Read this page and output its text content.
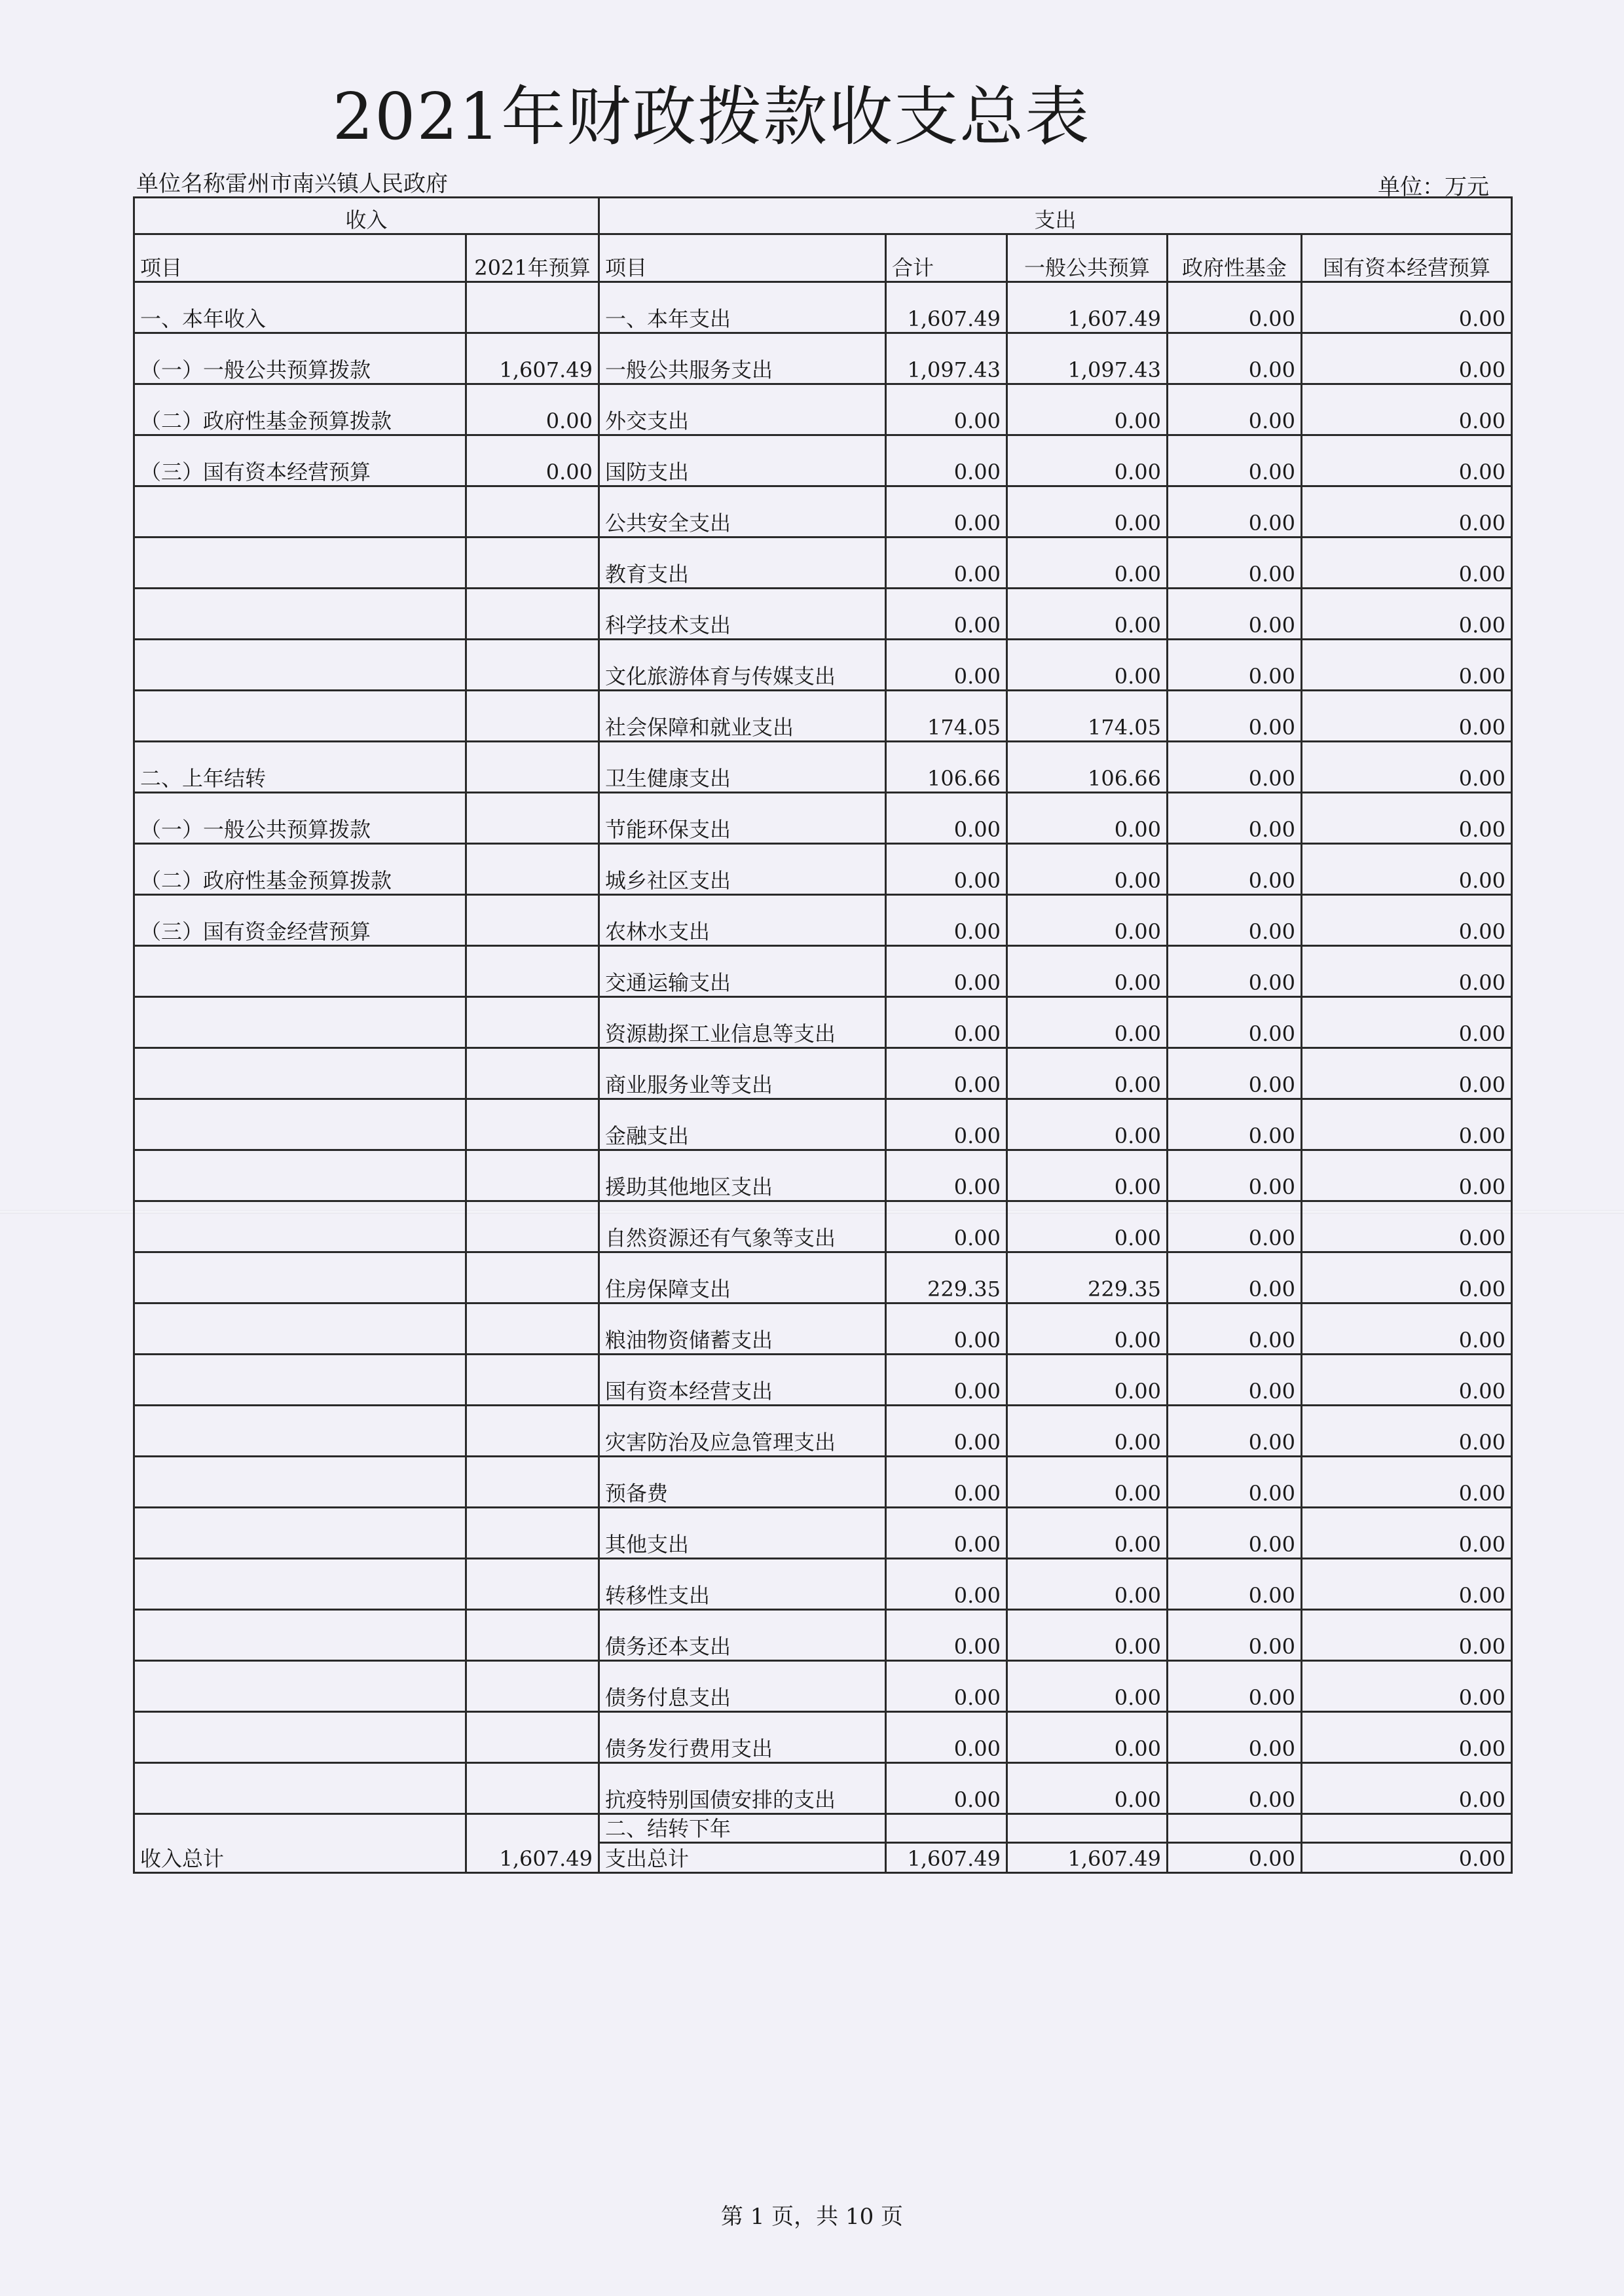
2021年财政拨款收支总表
单位名称雷州市南兴镇人民政府	单位：万元
收入		支出				
项目	2021年预算	项目	合计	一般公共预算	政府性基金	国有资本经营预算
一、本年收入		一、本年支出	1,607.49	1,607.49	0.00	0.00
（一）一般公共预算拨款	1,607.49	一般公共服务支出	1,097.43	1,097.43	0.00	0.00
（二）政府性基金预算拨款	0.00	外交支出	0.00	0.00	0.00	0.00
（三）国有资本经营预算	0.00	国防支出	0.00	0.00	0.00	0.00
		公共安全支出	0.00	0.00	0.00	0.00
		教育支出	0.00	0.00	0.00	0.00
		科学技术支出	0.00	0.00	0.00	0.00
		文化旅游体育与传媒支出	0.00	0.00	0.00	0.00
		社会保障和就业支出	174.05	174.05	0.00	0.00
二、上年结转		卫生健康支出	106.66	106.66	0.00	0.00
（一）一般公共预算拨款		节能环保支出	0.00	0.00	0.00	0.00
（二）政府性基金预算拨款		城乡社区支出	0.00	0.00	0.00	0.00
（三）国有资金经营预算		农林水支出	0.00	0.00	0.00	0.00
		交通运输支出	0.00	0.00	0.00	0.00
		资源勘探工业信息等支出	0.00	0.00	0.00	0.00
		商业服务业等支出	0.00	0.00	0.00	0.00
		金融支出	0.00	0.00	0.00	0.00
		援助其他地区支出	0.00	0.00	0.00	0.00
		自然资源还有气象等支出	0.00	0.00	0.00	0.00
		住房保障支出	229.35	229.35	0.00	0.00
		粮油物资储蓄支出	0.00	0.00	0.00	0.00
		国有资本经营支出	0.00	0.00	0.00	0.00
		灾害防治及应急管理支出	0.00	0.00	0.00	0.00
		预备费	0.00	0.00	0.00	0.00
		其他支出	0.00	0.00	0.00	0.00
		转移性支出	0.00	0.00	0.00	0.00
		债务还本支出	0.00	0.00	0.00	0.00
		债务付息支出	0.00	0.00	0.00	0.00
		债务发行费用支出	0.00	0.00	0.00	0.00
		抗疫特别国债安排的支出	0.00	0.00	0.00	0.00
		二、结转下年				
收入总计	1,607.49	支出总计	1,607.49	1,607.49	0.00	0.00
第 1 页，共 10 页
